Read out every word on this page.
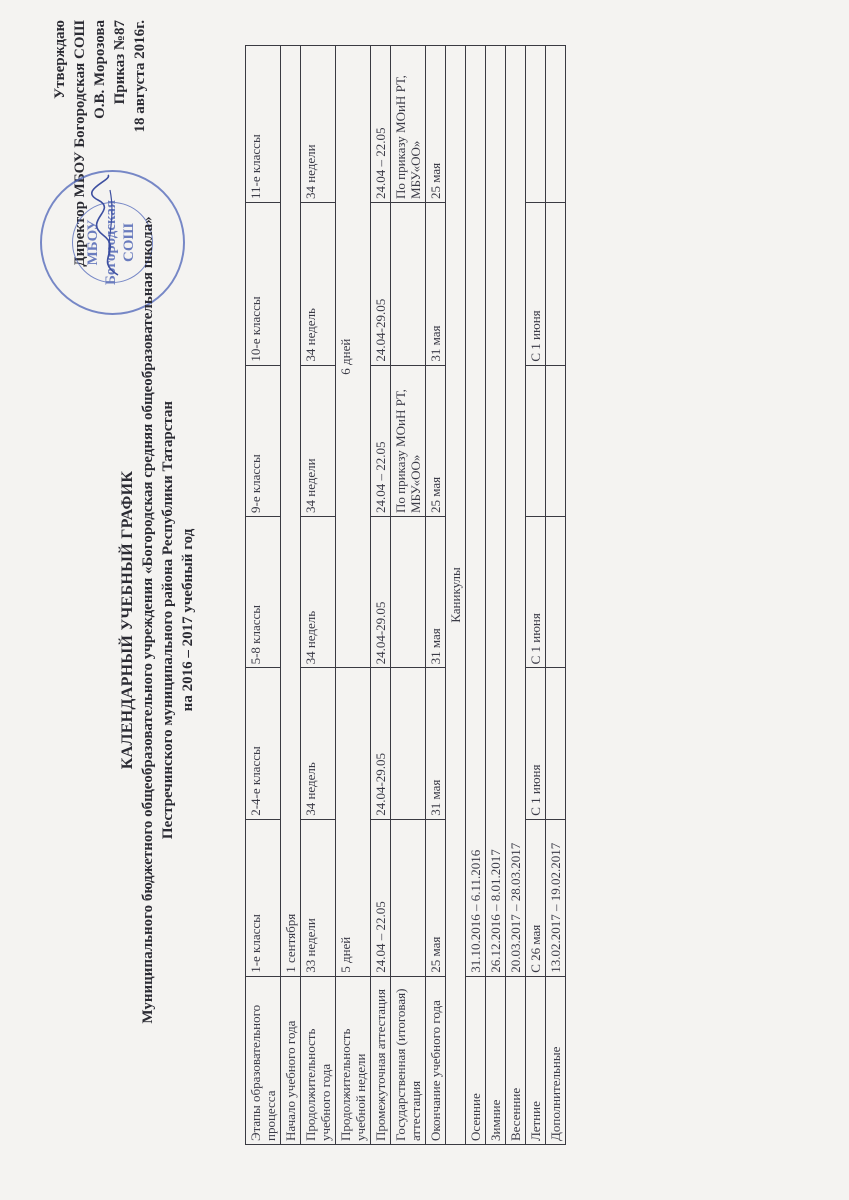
Утверждаю Директор МБОУ Богородская СОШ О.В. Морозова Приказ №87 18 августа 2016г.
МБОУ Богородская СОШ
КАЛЕНДАРНЫЙ УЧЕБНЫЙ ГРАФИК Муниципального бюджетного общеобразовательного учреждения «Богородская средняя общеобразовательная школа» Пестречинского муниципального района Республики Татарстан на 2016 – 2017 учебный год
Этапы образовательного процесса	1-е классы	2-4-е классы	5-8 классы	9-е классы	10-е классы	11-е классы
Начало учебного года	1 сентября					
Продолжительность учебного года	33 недели	34 недель	34 недель	34 недели	34 недель	34 недели
Продолжительность учебной недели	5 дней		6 дней			
Промежуточная аттестация	24.04 – 22.05	24.04-29.05	24.04-29.05	24.04 – 22.05	24.04-29.05	24.04 – 22.05
Государственная (итоговая) аттестация				По приказу МОиН РТ, МБУ«ОО»		По приказу МОиН РТ, МБУ«ОО»
Окончание учебного года	25 мая	31 мая	31 мая	25 мая	31 мая	25 мая
Каникулы						
Осенние	31.10.2016 – 6.11.2016					
Зимние	26.12.2016 – 8.01.2017					
Весенние	20.03.2017 – 28.03.2017					
Летние	С 26 мая	С 1 июня	С 1 июня		С 1 июня	
Дополнительные	13.02.2017 – 19.02.2017					
